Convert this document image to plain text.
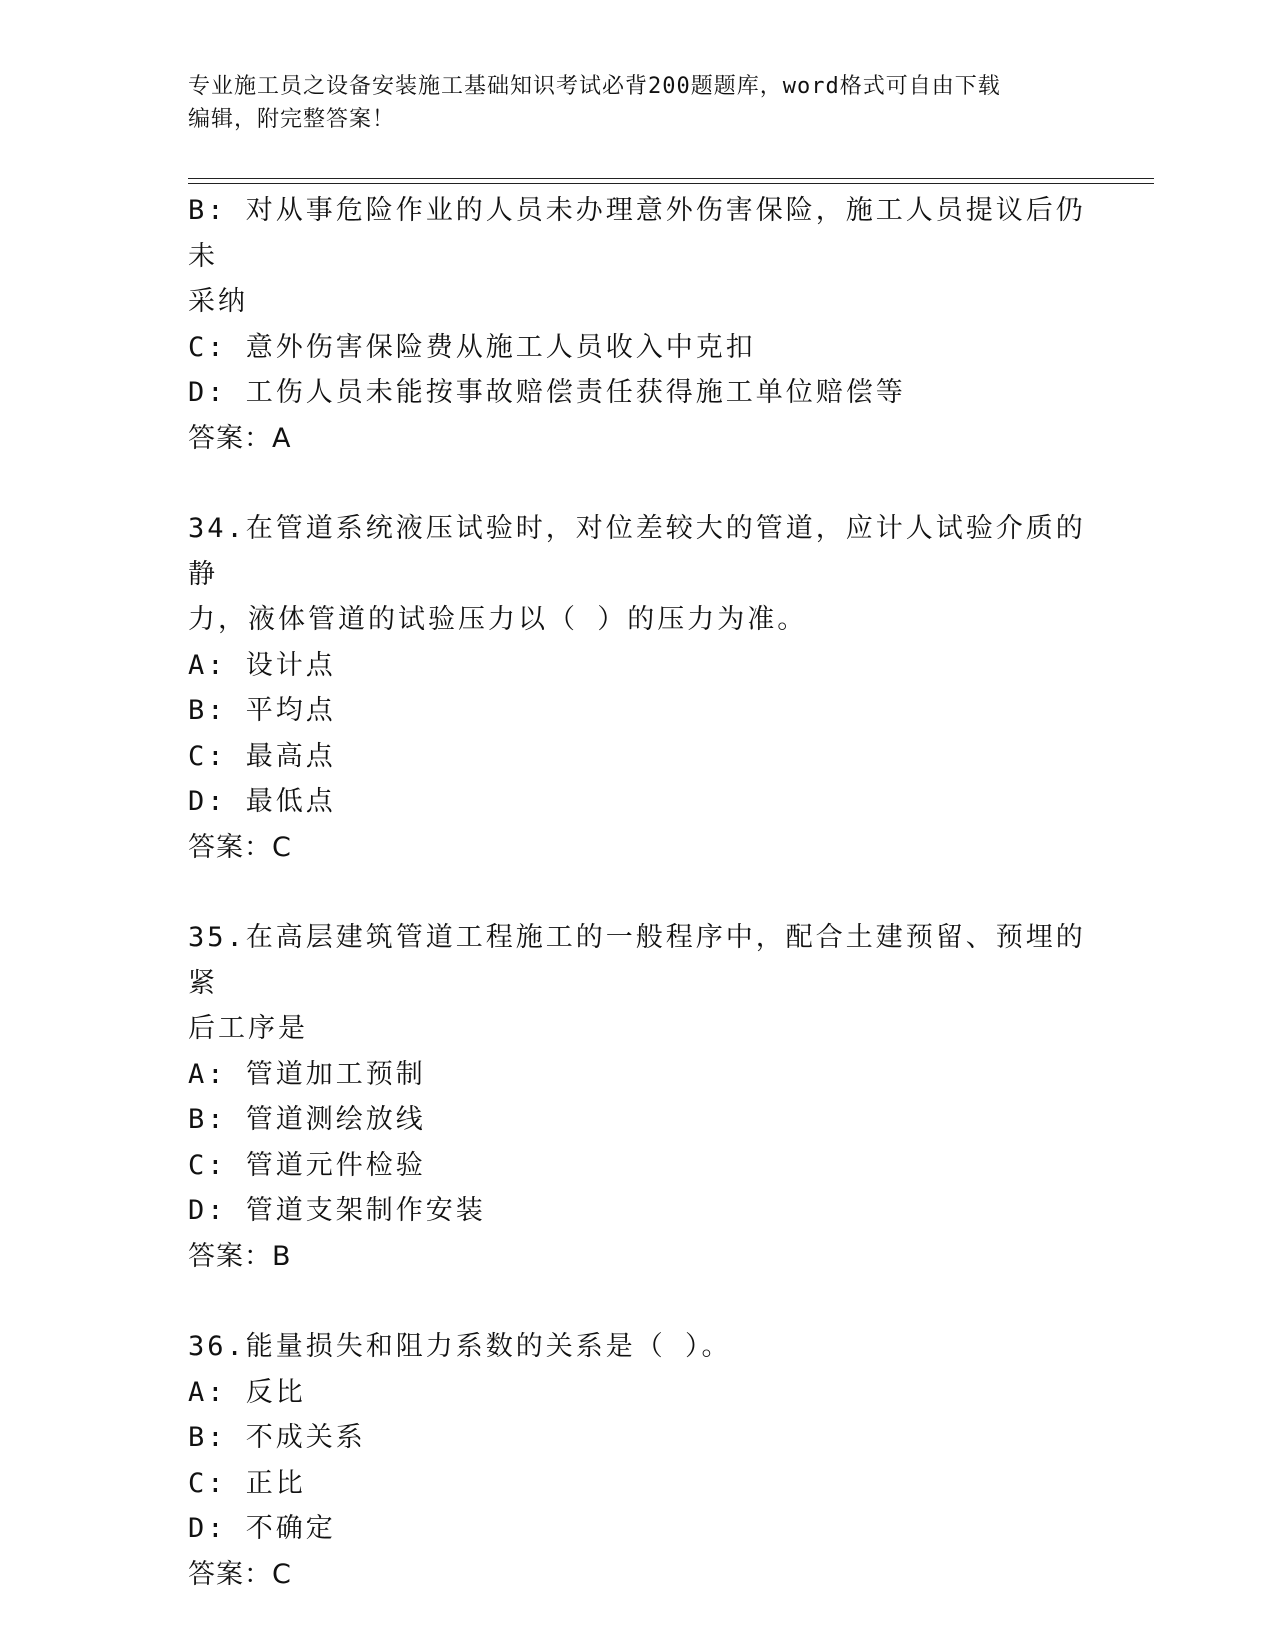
专业施工员之设备安装施工基础知识考试必背200题题库，word格式可自由下载
编辑，附完整答案！
B: 对从事危险作业的人员未办理意外伤害保险，施工人员提议后仍未
采纳
C: 意外伤害保险费从施工人员收入中克扣
D: 工伤人员未能按事故赔偿责任获得施工单位赔偿等
答案：A
34.在管道系统液压试验时，对位差较大的管道，应计人试验介质的静
力，液体管道的试验压力以（ ）的压力为准。
A: 设计点
B: 平均点
C: 最高点
D: 最低点
答案：C
35.在高层建筑管道工程施工的一般程序中，配合土建预留、预埋的紧
后工序是
A: 管道加工预制
B: 管道测绘放线
C: 管道元件检验
D: 管道支架制作安装
答案：B
36.能量损失和阻力系数的关系是（ ）。
A: 反比
B: 不成关系
C: 正比
D: 不确定
答案：C
